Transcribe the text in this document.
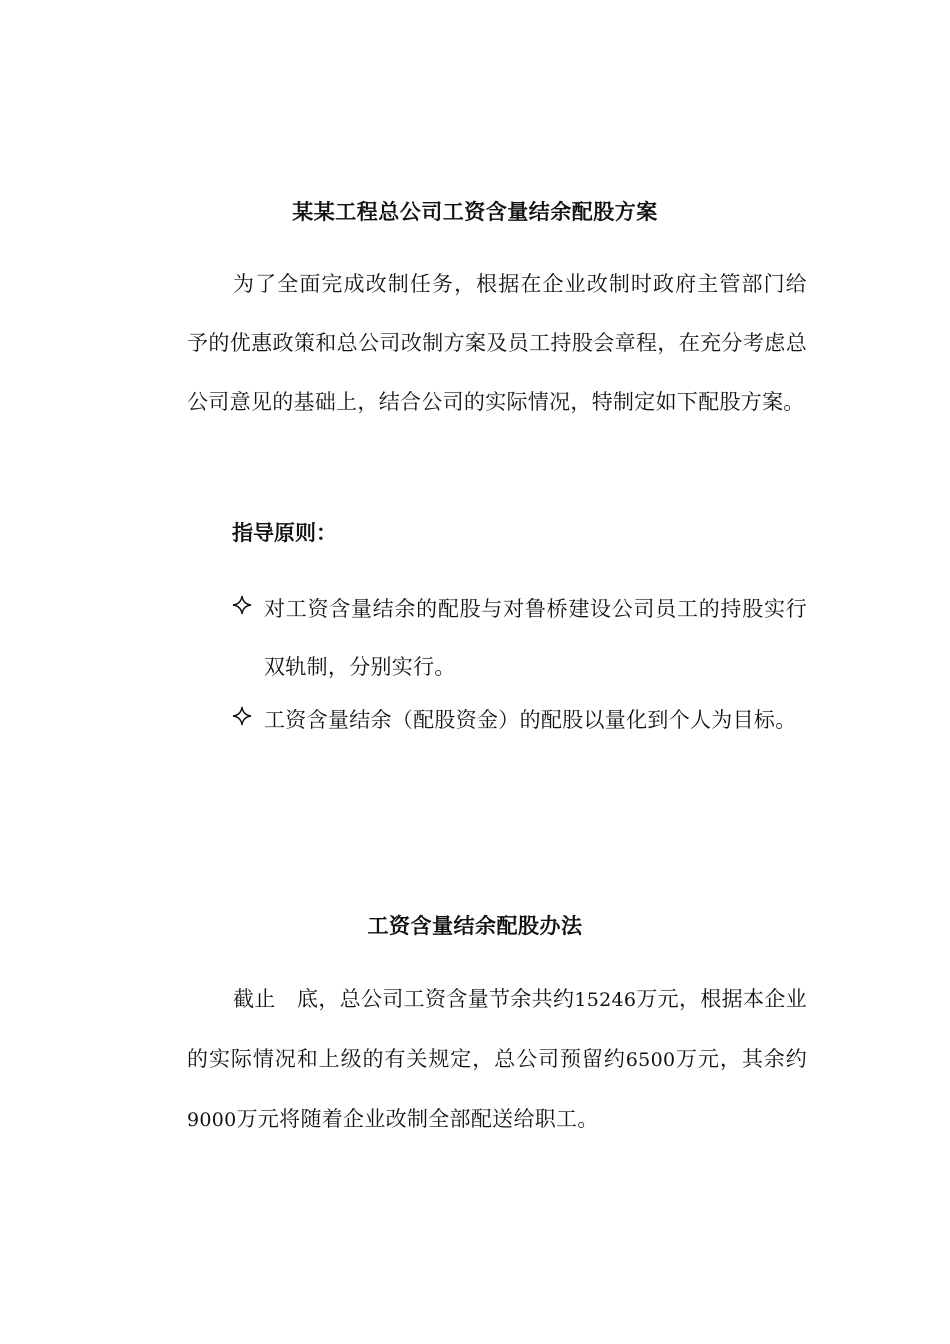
某某工程总公司工资含量结余配股方案
为了全面完成改制任务，根据在企业改制时政府主管部门给予的优惠政策和总公司改制方案及员工持股会章程，在充分考虑总公司意见的基础上，结合公司的实际情况，特制定如下配股方案。
指导原则：
对工资含量结余的配股与对鲁桥建设公司员工的持股实行双轨制，分别实行。
工资含量结余（配股资金）的配股以量化到个人为目标。
工资含量结余配股办法
截止　底，总公司工资含量节余共约15246万元，根据本企业的实际情况和上级的有关规定，总公司预留约6500万元，其余约9000万元将随着企业改制全部配送给职工。
